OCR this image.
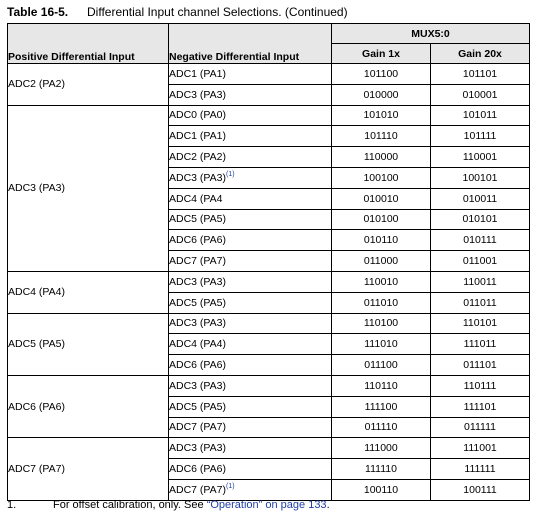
Table 16-5. Differential Input channel Selections. (Continued)
Positive Differential Input	Negative Differential Input	MUX5:0	
		Gain 1x	Gain 20x
ADC2 (PA2)	ADC1 (PA1)	101100	101101
	ADC3 (PA3)	010000	010001
ADC3 (PA3)	ADC0 (PA0)	101010	101011
	ADC1 (PA1)	101110	101111
	ADC2 (PA2)	110000	110001
	ADC3 $(PA3)^{(1)}$	100100	100101
	ADC4 (PA4	010010	010011
	ADC5 (PA5)	010100	010101
	ADC6 (PA6)	010110	010111
	ADC7 (PA7)	011000	011001
ADC4 (PA4)	ADC3 (PA3)	110010	110011
	ADC5 (PA5)	011010	011011
ADC5 (PA5)	ADC3 (PA3)	110100	110101
	ADC4 (PA4)	111010	111011
	ADC6 (PA6)	011100	011101
ADC6 (PA6)	ADC3 (PA3)	110110	110111
	ADC5 (PA5)	111100	111101
	ADC7 (PA7)	011110	011111
ADC7 (PA7)	ADC3 (PA3)	111000	111001
	ADC6 (PA6)	111110	111111
	ADC7 $(PA7)^{(1)}$	100110	100111
1.	For offset calibration, only. See “Operation” on page 133.
